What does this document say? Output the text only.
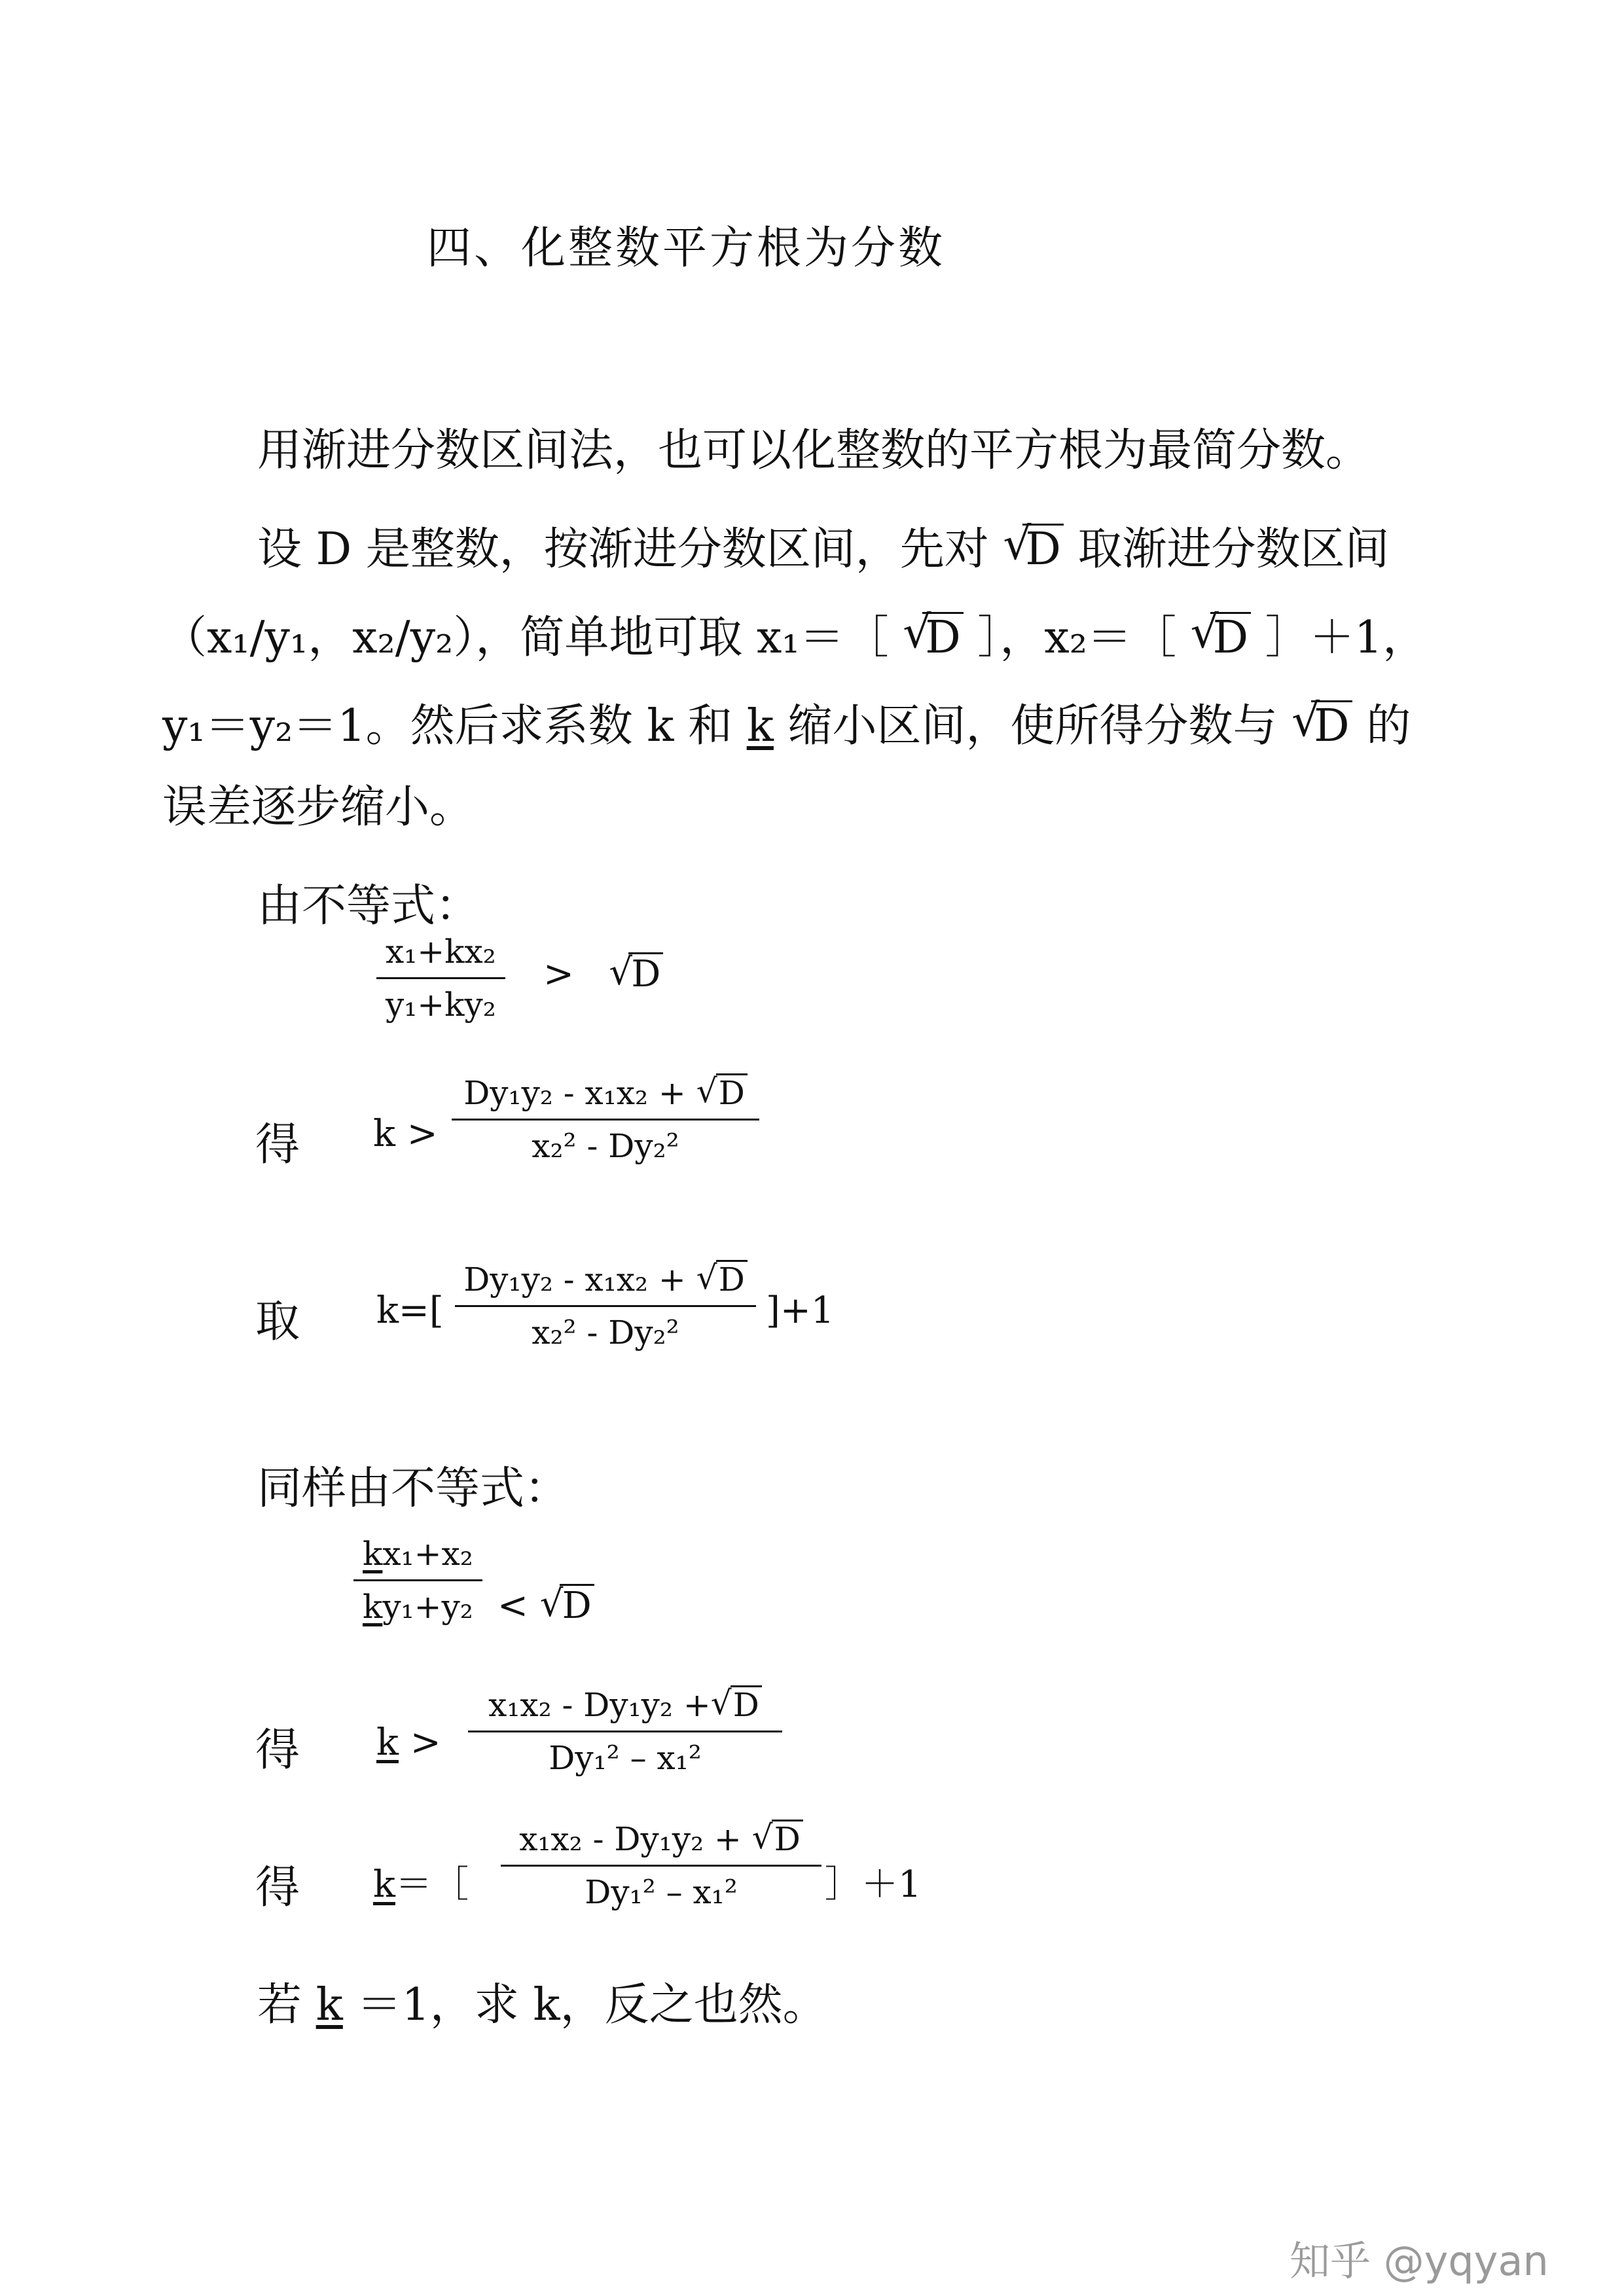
四、化整数平方根为分数
用渐进分数区间法，也可以化整数的平方根为最简分数。
设 D 是整数，按渐进分数区间，先对 √ D 取渐进分数区间
（x₁/y₁，x₂/y₂），简单地可取 x₁＝［ √ D ］，x₂＝［ √ D ］＋1，
y₁＝y₂＝1。然后求系数 k 和 k 缩小区间，使所得分数与 √ D 的
误差逐步缩小。
由不等式：
x₁+kx₂
y₁+ky₂
> √ D
得 k >
Dy₁y₂ - x₁x₂ + √ D
x₂² - Dy₂²
取 k=[
Dy₁y₂ - x₁x₂ + √ D
x₂² - Dy₂²
]+1
同样由不等式：
kx₁+x₂
ky₁+y₂ < √ D
得 k >
x₁x₂ - Dy₁y₂ + √ D
Dy₁² – x₁²
得 k＝［
x₁x₂ - Dy₁y₂ + √ D
Dy₁² – x₁² ］＋1
若 k ＝1，求 k，反之也然。
知乎 @yqyan
